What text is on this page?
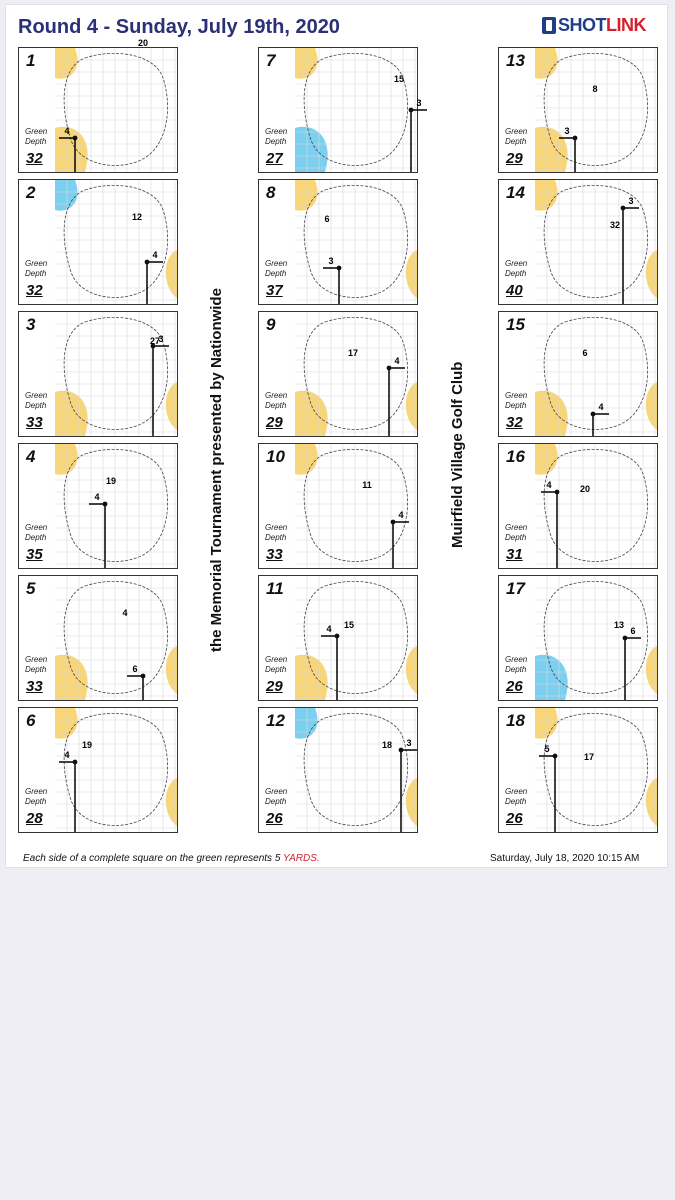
Round 4 - Sunday, July 19th, 2020	SHOTLINK
1
Green
Depth
32
4
20
2
Green
Depth
32
4
12
3
Green
Depth
33
3
27
4
Green
Depth
35
4
19
5
Green
Depth
33
6
4
6
Green
Depth
28
4
19
7
Green
Depth
27
3
15
8
Green
Depth
37
3
6
9
Green
Depth
29
4
17
10
Green
Depth
33
4
11
11
Green
Depth
29
4 15
12
Green
Depth
26
3
18
13
Green
Depth
29
3
8
14
Green
Depth
40
3
32
15
Green
Depth
32
4
6
16
Green
Depth
31
4	20
17
Green
Depth
26
6
13
18
Green
Depth
26
5
17
Each side of a complete square on the green represents 5 YARDS.	Saturday, July 18, 2020 10:15 AM
the Memorial Tournament presented by Nationwide	Muirfield Village Golf Club
